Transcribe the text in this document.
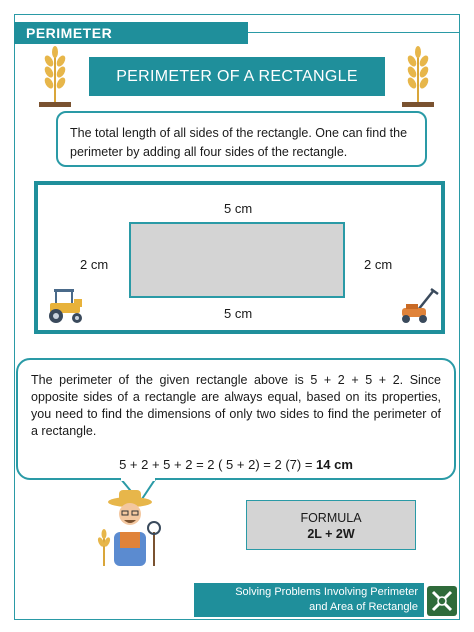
PERIMETER
PERIMETER OF A RECTANGLE
The total length of all sides of the rectangle. One can find the perimeter by adding all four sides of the rectangle.
5 cm
5 cm
2 cm	2 cm

The perimeter of the given rectangle above is 5 + 2 + 5 + 2. Since opposite sides of a rectangle are always equal, based on its properties, you need to find the dimensions of only two sides to find the perimeter of a rectangle.

5 + 2 + 5 + 2 = 2 ( 5 + 2) = 2 (7) = 14 cm
FORMULA
2L + 2W
Solving Problems Involving Perimeter
and Area of Rectangle
